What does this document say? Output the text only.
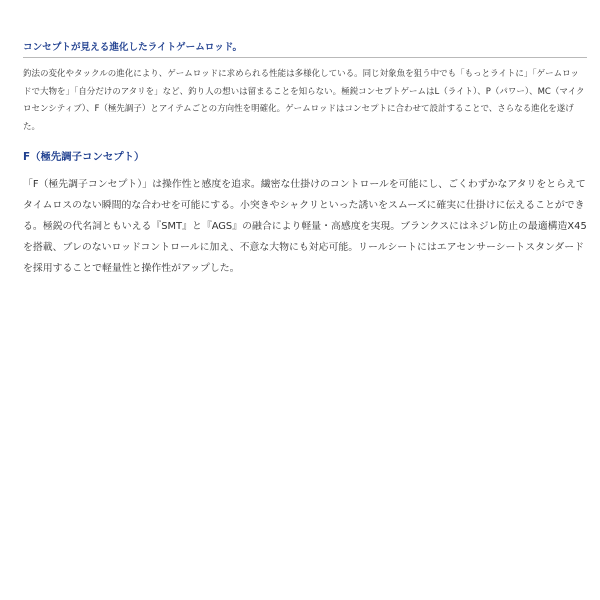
コンセプトが見える進化したライトゲームロッド。

釣法の変化やタックルの進化により、ゲームロッドに求められる性能は多様化している。同じ対象魚を狙う中でも「もっとライトに」「ゲームロッドで大物を」「自分だけのアタリを」など、釣り人の想いは留まることを知らない。極鋭コンセプトゲームはL（ライト）、P（パワー）、MC（マイクロセンシティブ）、F（極先調子）とアイテムごとの方向性を明確化。ゲームロッドはコンセプトに合わせて設計することで、さらなる進化を遂げた。

F（極先調子コンセプト）

「F（極先調子コンセプト）」は操作性と感度を追求。繊密な仕掛けのコントロールを可能にし、ごくわずかなアタリをとらえてタイムロスのない瞬間的な合わせを可能にする。小突きやシャクリといった誘いをスムーズに確実に仕掛けに伝えることができる。極鋭の代名詞ともいえる『SMT』と『AGS』の融合により軽量・高感度を実現。ブランクスにはネジレ防止の最適構造X45を搭載、ブレのないロッドコントロールに加え、不意な大物にも対応可能。リールシートにはエアセンサーシートスタンダードを採用することで軽量性と操作性がアップした。
